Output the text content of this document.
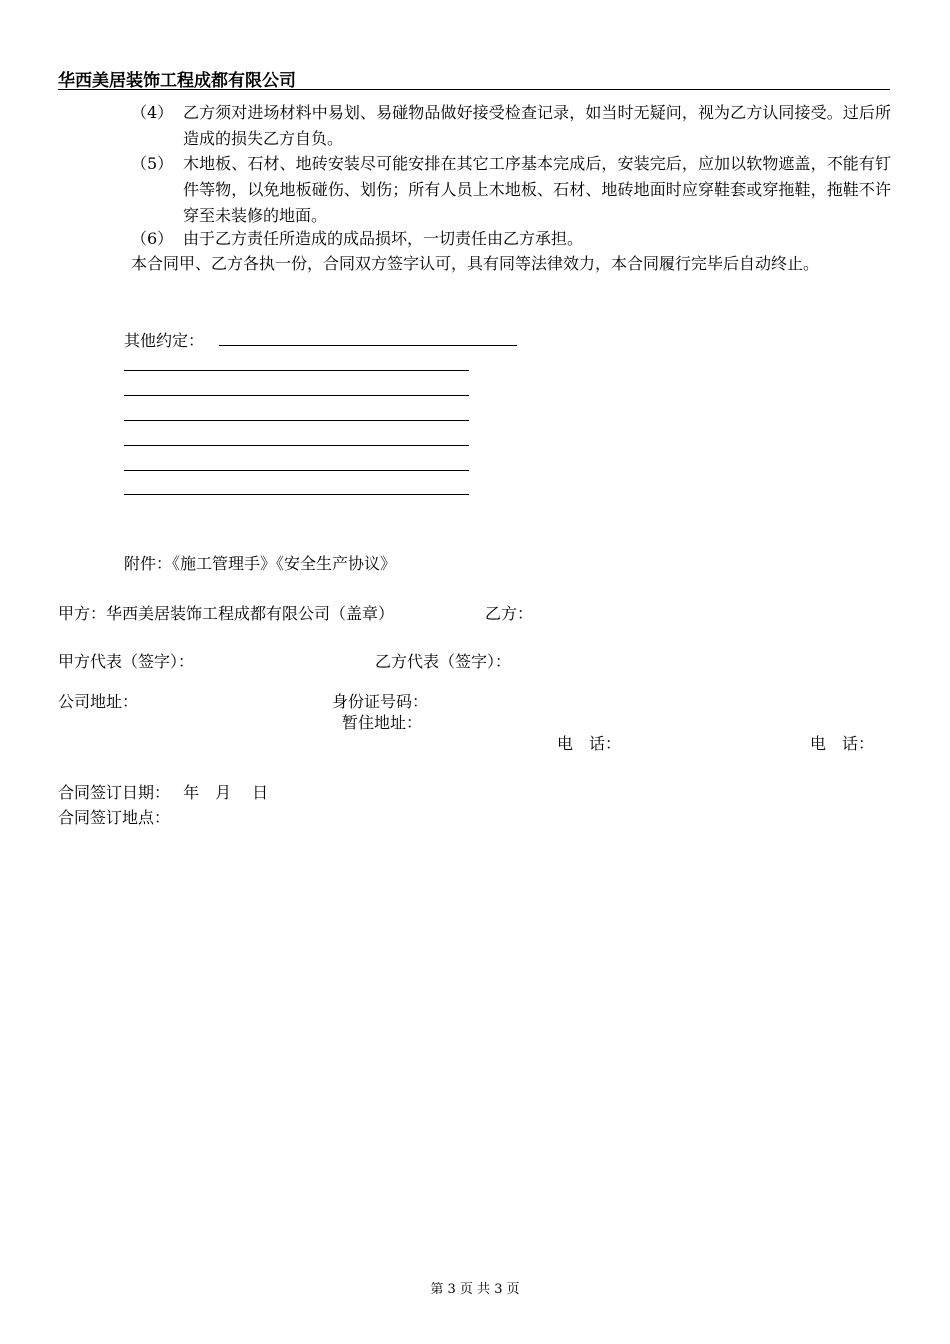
华西美居装饰工程成都有限公司
（4） 乙方须对进场材料中易划、易碰物品做好接受检查记录，如当时无疑问，视为乙方认同接受。过后所造成的损失乙方自负。
（5） 木地板、石材、地砖安装尽可能安排在其它工序基本完成后，安装完后，应加以软物遮盖，不能有钉件等物，以免地板碰伤、划伤；所有人员上木地板、石材、地砖地面时应穿鞋套或穿拖鞋，拖鞋不许穿至未装修的地面。
（6） 由于乙方责任所造成的成品损坏，一切责任由乙方承担。
本合同甲、乙方各执一份，合同双方签字认可，具有同等法律效力，本合同履行完毕后自动终止。
其他约定：
附件：《施工管理手》《安全生产协议》
甲方：华西美居装饰工程成都有限公司（盖章）	乙方：
甲方代表（签字）：	乙方代表（签字）：
公司地址：	身份证号码：
暂住地址：
电　话：	电　话：
合同签订日期：　 年　月　 日
合同签订地点：
第 3 页 共 3 页
